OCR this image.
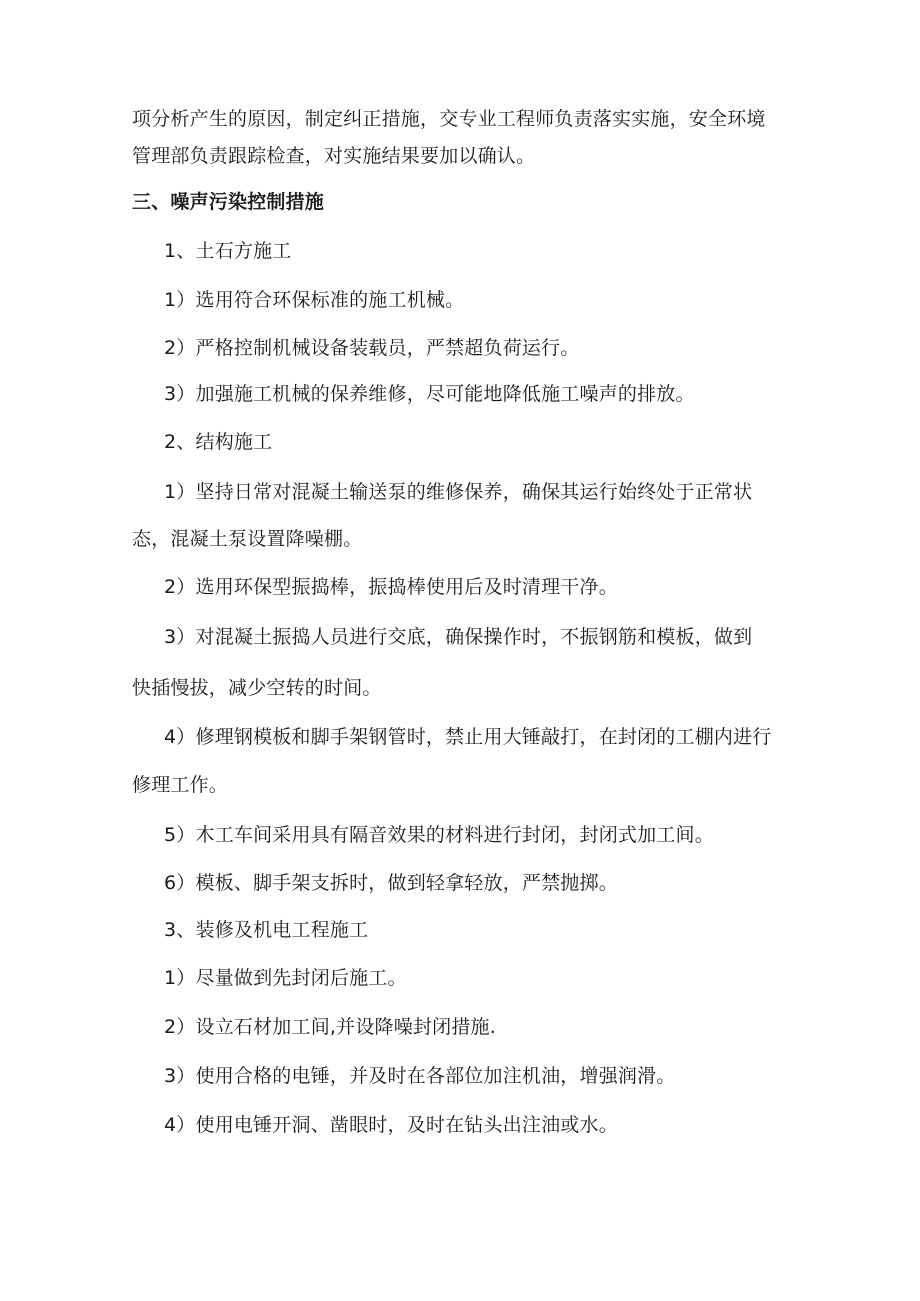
项分析产生的原因，制定纠正措施，交专业工程师负责落实实施，安全环境
管理部负责跟踪检查，对实施结果要加以确认。
三、噪声污染控制措施
1、土石方施工
1）选用符合环保标准的施工机械。
2）严格控制机械设备装载员，严禁超负荷运行。
3）加强施工机械的保养维修，尽可能地降低施工噪声的排放。
2、结构施工
1）坚持日常对混凝土输送泵的维修保养，确保其运行始终处于正常状
态，混凝土泵设置降噪棚。
2）选用环保型振捣棒，振捣棒使用后及时清理干净。
3）对混凝土振捣人员进行交底，确保操作时，不振钢筋和模板，做到
快插慢拔，减少空转的时间。
4）修理钢模板和脚手架钢管时，禁止用大锤敲打，在封闭的工棚内进行
修理工作。
5）木工车间采用具有隔音效果的材料进行封闭，封闭式加工间。
6）模板、脚手架支拆时，做到轻拿轻放，严禁抛掷。
3、装修及机电工程施工
1）尽量做到先封闭后施工。
2）设立石材加工间,并设降噪封闭措施.
3）使用合格的电锤，并及时在各部位加注机油，增强润滑。
4）使用电锤开洞、凿眼时，及时在钻头出注油或水。
